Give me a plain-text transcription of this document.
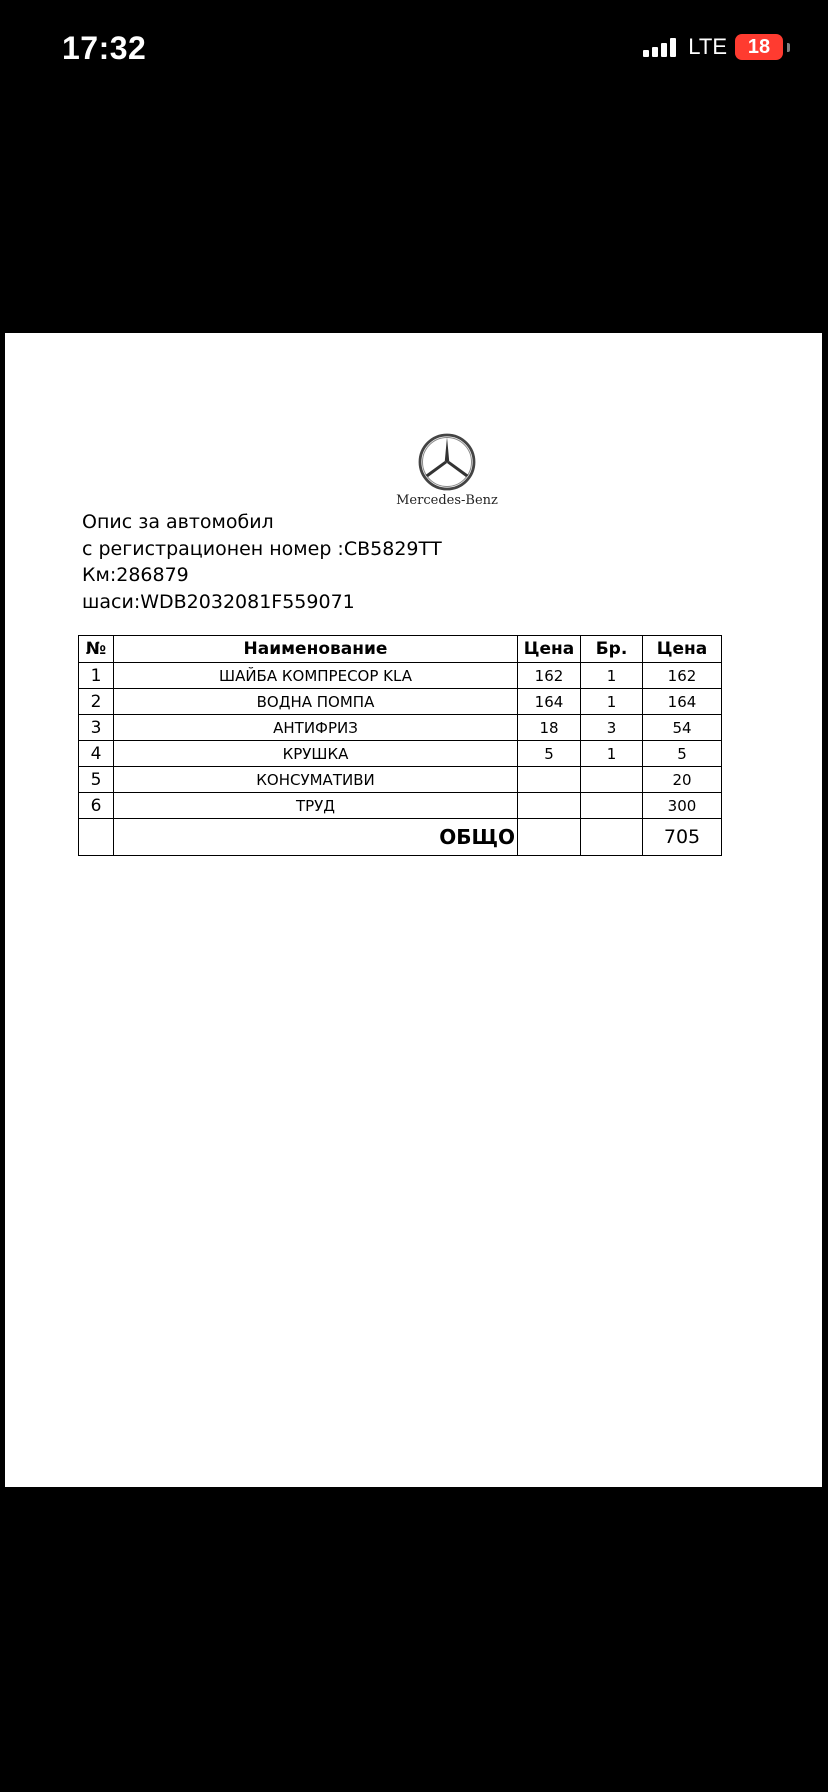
17:32	LTE	18
Mercedes-Benz
Опис за автомобил
с регистрационен номер :СВ5829ТТ
Км:286879
шаси:WDB2032081F559071
№	Наименование	Цена	Бр.	Цена
1	ШАЙБА КОМПРЕСОР KLA	162	1	162
2	ВОДНА ПОМПА	164	1	164
3	АНТИФРИЗ	18	3	54
4	КРУШКА	5	1	5
5	КОНСУМАТИВИ			20
6	ТРУД			300
	ОБЩО			705
